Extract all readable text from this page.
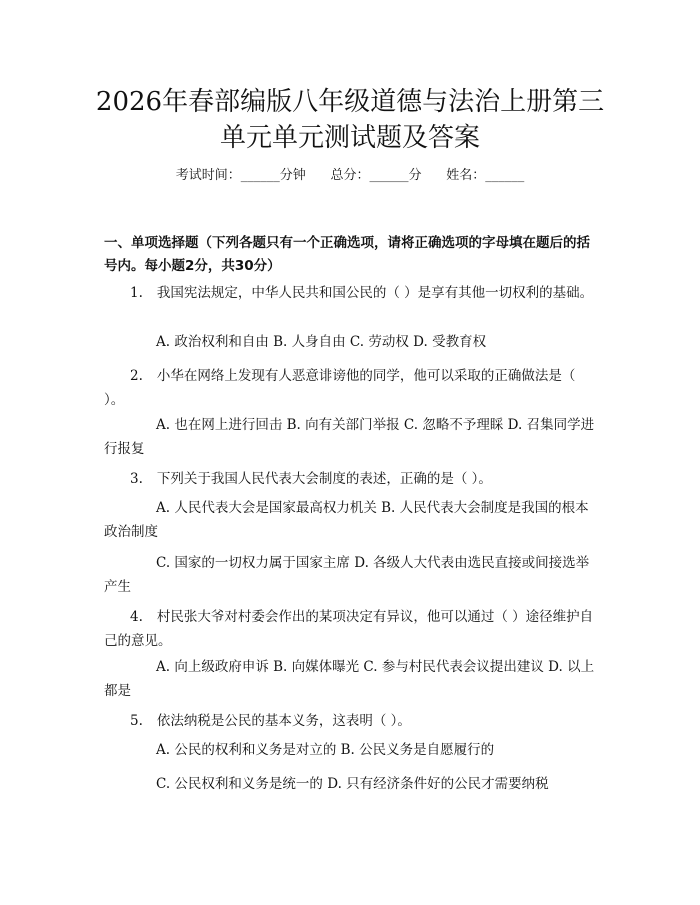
2026年春部编版八年级道德与法治上册第三
单元单元测试题及答案
考试时间：______分钟      总分：______分      姓名：______
一、单项选择题（下列各题只有一个正确选项，请将正确选项的字母填在题后的括号内。每小题2分，共30分）
1. 我国宪法规定，中华人民共和国公民的（ ）是享有其他一切权利的基础。
A. 政治权利和自由 B. 人身自由 C. 劳动权 D. 受教育权
2. 小华在网络上发现有人恶意诽谤他的同学，他可以采取的正确做法是（ ）。
A. 也在网上进行回击 B. 向有关部门举报 C. 忽略不予理睬 D. 召集同学进行报复
3. 下列关于我国人民代表大会制度的表述，正确的是（ ）。
A. 人民代表大会是国家最高权力机关 B. 人民代表大会制度是我国的根本政治制度
C. 国家的一切权力属于国家主席 D. 各级人大代表由选民直接或间接选举产生
4. 村民张大爷对村委会作出的某项决定有异议，他可以通过（ ）途径维护自己的意见。
A. 向上级政府申诉 B. 向媒体曝光 C. 参与村民代表会议提出建议 D. 以上都是
5. 依法纳税是公民的基本义务，这表明（ ）。
A. 公民的权利和义务是对立的 B. 公民义务是自愿履行的
C. 公民权利和义务是统一的 D. 只有经济条件好的公民才需要纳税
